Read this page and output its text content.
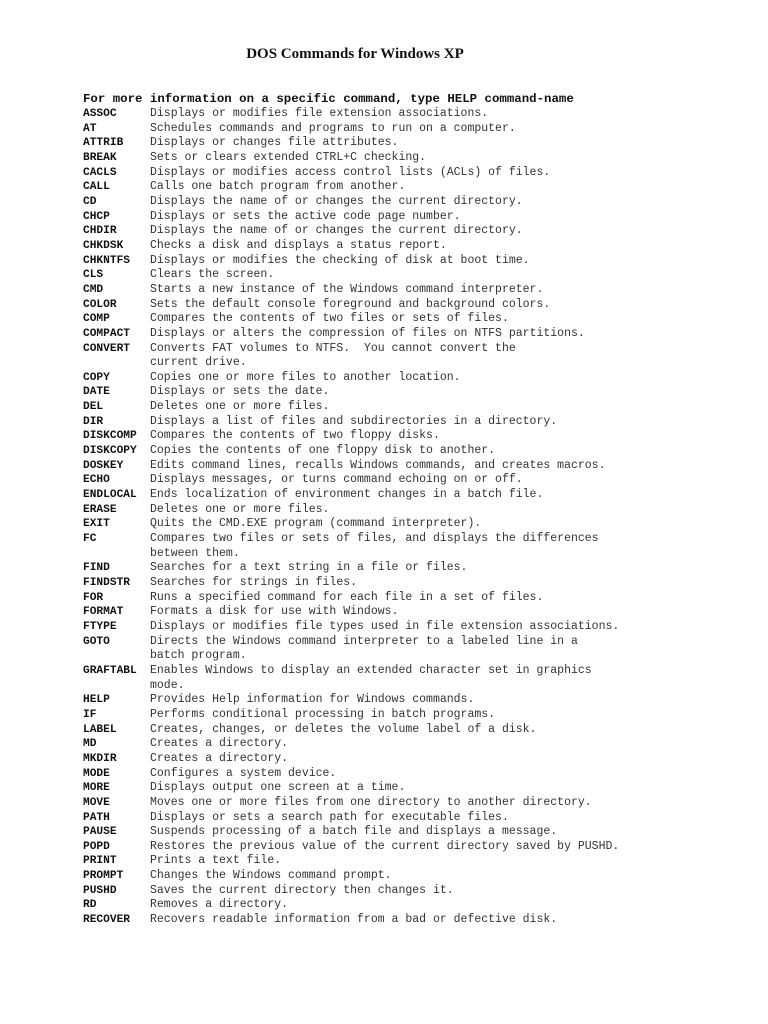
DOS Commands for Windows XP
For more information on a specific command, type HELP command-name
ASSOC	Displays or modifies file extension associations.
AT	Schedules commands and programs to run on a computer.
ATTRIB	Displays or changes file attributes.
BREAK	Sets or clears extended CTRL+C checking.
CACLS	Displays or modifies access control lists (ACLs) of files.
CALL	Calls one batch program from another.
CD	Displays the name of or changes the current directory.
CHCP	Displays or sets the active code page number.
CHDIR	Displays the name of or changes the current directory.
CHKDSK	Checks a disk and displays a status report.
CHKNTFS	Displays or modifies the checking of disk at boot time.
CLS	Clears the screen.
CMD	Starts a new instance of the Windows command interpreter.
COLOR	Sets the default console foreground and background colors.
COMP	Compares the contents of two files or sets of files.
COMPACT	Displays or alters the compression of files on NTFS partitions.
CONVERT	Converts FAT volumes to NTFS.  You cannot convert the
current drive.
COPY	Copies one or more files to another location.
DATE	Displays or sets the date.
DEL	Deletes one or more files.
DIR	Displays a list of files and subdirectories in a directory.
DISKCOMP	Compares the contents of two floppy disks.
DISKCOPY	Copies the contents of one floppy disk to another.
DOSKEY	Edits command lines, recalls Windows commands, and creates macros.
ECHO	Displays messages, or turns command echoing on or off.
ENDLOCAL	Ends localization of environment changes in a batch file.
ERASE	Deletes one or more files.
EXIT	Quits the CMD.EXE program (command interpreter).
FC	Compares two files or sets of files, and displays the differences
between them.
FIND	Searches for a text string in a file or files.
FINDSTR	Searches for strings in files.
FOR	Runs a specified command for each file in a set of files.
FORMAT	Formats a disk for use with Windows.
FTYPE	Displays or modifies file types used in file extension associations.
GOTO	Directs the Windows command interpreter to a labeled line in a
batch program.
GRAFTABL	Enables Windows to display an extended character set in graphics
mode.
HELP	Provides Help information for Windows commands.
IF	Performs conditional processing in batch programs.
LABEL	Creates, changes, or deletes the volume label of a disk.
MD	Creates a directory.
MKDIR	Creates a directory.
MODE	Configures a system device.
MORE	Displays output one screen at a time.
MOVE	Moves one or more files from one directory to another directory.
PATH	Displays or sets a search path for executable files.
PAUSE	Suspends processing of a batch file and displays a message.
POPD	Restores the previous value of the current directory saved by PUSHD.
PRINT	Prints a text file.
PROMPT	Changes the Windows command prompt.
PUSHD	Saves the current directory then changes it.
RD	Removes a directory.
RECOVER	Recovers readable information from a bad or defective disk.
